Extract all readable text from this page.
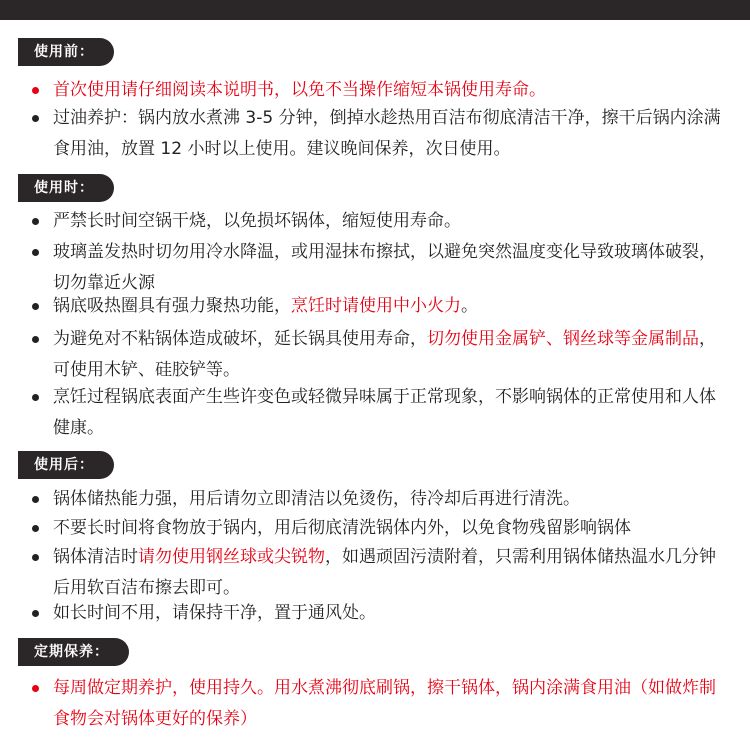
使用前：
首次使用请仔细阅读本说明书，以免不当操作缩短本锅使用寿命。
过油养护：锅内放水煮沸 3-5 分钟，倒掉水趁热用百洁布彻底清洁干净，擦干后锅内涂满食用油，放置 12 小时以上使用。建议晚间保养，次日使用。
使用时：
严禁长时间空锅干烧，以免损坏锅体，缩短使用寿命。
玻璃盖发热时切勿用冷水降温，或用湿抹布擦拭，以避免突然温度变化导致玻璃体破裂，切勿靠近火源
锅底吸热圈具有强力聚热功能，烹饪时请使用中小火力。
为避免对不粘锅体造成破坏，延长锅具使用寿命，切勿使用金属铲、钢丝球等金属制品，可使用木铲、硅胶铲等。
烹饪过程锅底表面产生些许变色或轻微异味属于正常现象，不影响锅体的正常使用和人体健康。
使用后：
锅体储热能力强，用后请勿立即清洁以免烫伤，待冷却后再进行清洗。
不要长时间将食物放于锅内，用后彻底清洗锅体内外，以免食物残留影响锅体
锅体清洁时请勿使用钢丝球或尖锐物，如遇顽固污渍附着，只需利用锅体储热温水几分钟后用软百洁布擦去即可。
如长时间不用，请保持干净，置于通风处。
定期保养：
每周做定期养护，使用持久。用水煮沸彻底刷锅，擦干锅体，锅内涂满食用油（如做炸制食物会对锅体更好的保养）
